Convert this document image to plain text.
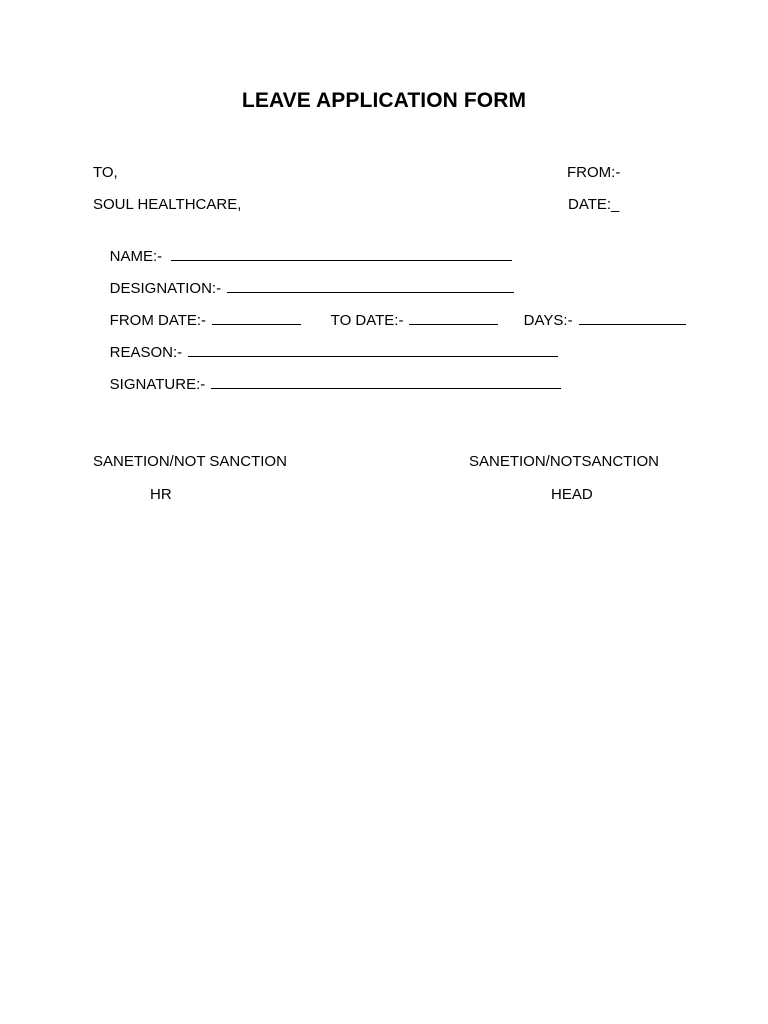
LEAVE APPLICATION FORM
TO,	FROM:-
SOUL HEALTHCARE,	DATE:_

NAME:-

DESIGNATION:-

FROM DATE:-
	TO DATE:-
	DAYS:-

REASON:-

SIGNATURE:-

SANETION/NOT SANCTION	SANETION/NOTSANCTION
HR	HEAD
